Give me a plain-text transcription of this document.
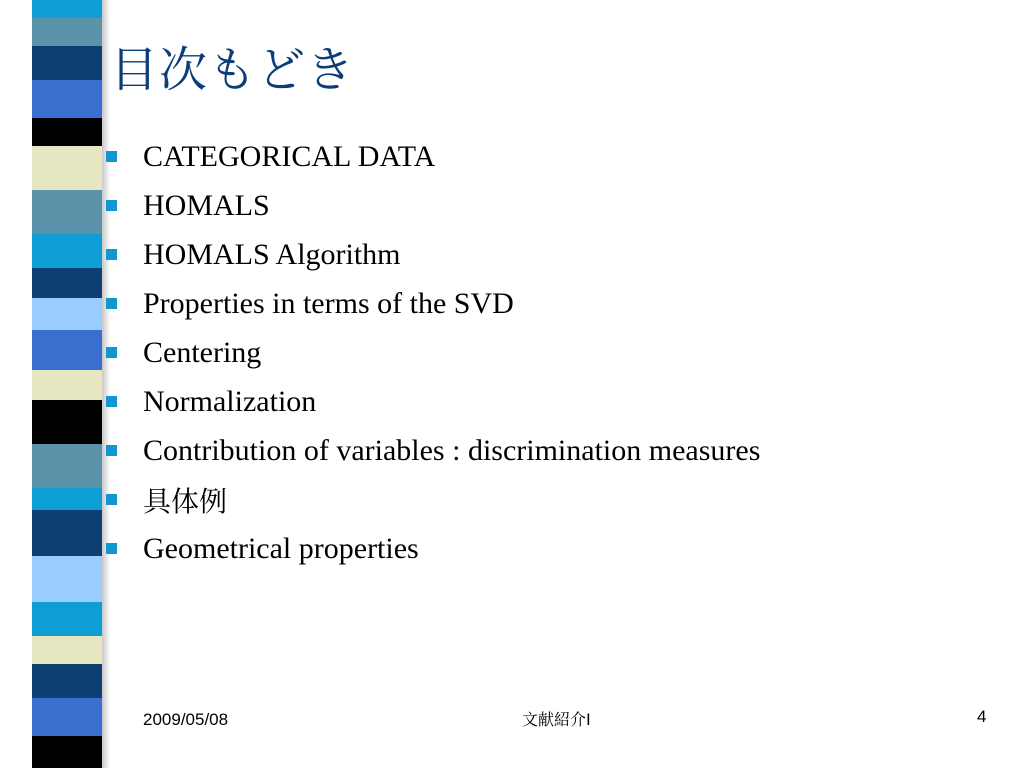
目次もどき
CATEGORICAL DATA
HOMALS
HOMALS Algorithm
Properties in terms of the SVD
Centering
Normalization
Contribution of variables : discrimination measures
具体例
Geometrical properties
2009/05/08	文献紹介I	4
